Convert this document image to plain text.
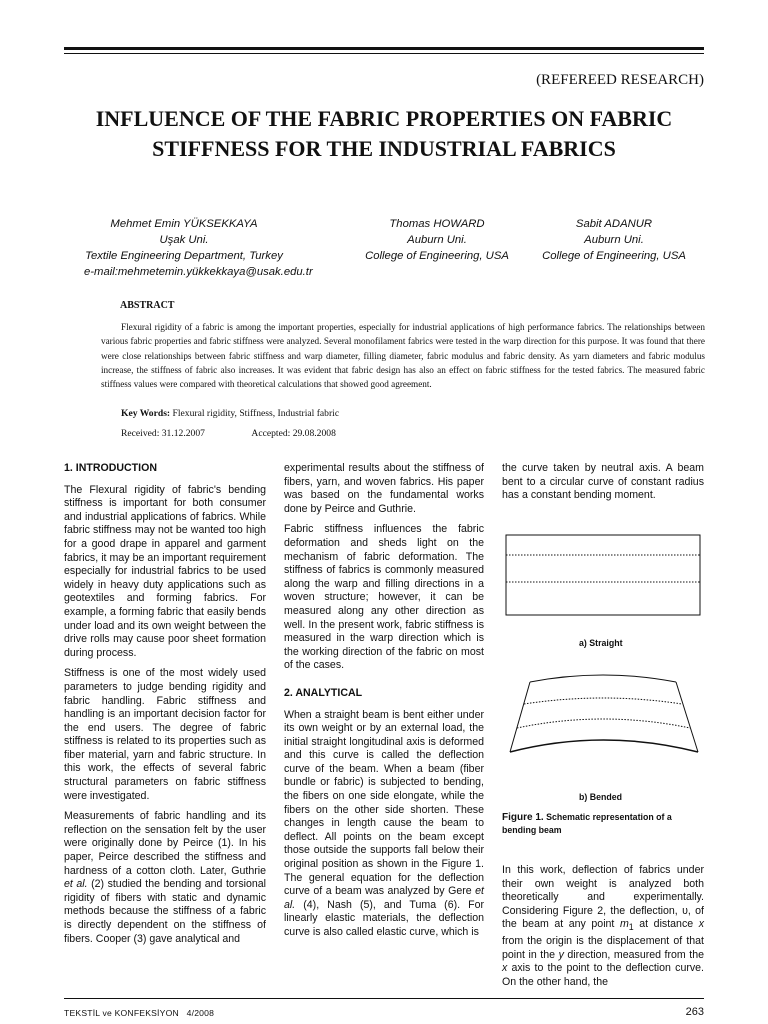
(REFEREED RESEARCH)
INFLUENCE OF THE FABRIC PROPERTIES ON FABRIC STIFFNESS FOR THE INDUSTRIAL FABRICS
Mehmet Emin YÜKSEKKAYA
Uşak Uni.
Textile Engineering Department, Turkey
e-mail:mehmetemin.yükkekkaya@usak.edu.tr
Thomas HOWARD
Auburn Uni.
College of Engineering, USA
Sabit ADANUR
Auburn Uni.
College of Engineering, USA
ABSTRACT
Flexural rigidity of a fabric is among the important properties, especially for industrial applications of high performance fabrics. The relationships between various fabric properties and fabric stiffness were analyzed. Several monofilament fabrics were tested in the warp direction for this purpose. It was found that there were close relationships between fabric stiffness and warp diameter, filling diameter, fabric modulus and fabric density. As yarn diameters and fabric modulus increase, the stiffness of fabric also increases. It was evident that fabric design has also an effect on fabric stiffness for the tested fabrics. The measured fabric stiffness values were compared with theoretical calculations that showed good agreement.
Key Words: Flexural rigidity, Stiffness, Industrial fabric
Received: 31.12.2007	Accepted: 29.08.2008
1. INTRODUCTION

The Flexural rigidity of fabric's bending stiffness is important for both consumer and industrial applications of fabrics. While fabric stiffness may not be wanted too high for a good drape in apparel and garment fabrics, it may be an important requirement especially for industrial fabrics to be used widely in heavy duty applications such as geotextiles and forming fabrics. For example, a forming fabric that easily bends under load and its own weight between the drive rolls may cause poor sheet formation during process.

Stiffness is one of the most widely used parameters to judge bending rigidity and fabric handling. Fabric stiffness and handling is an important decision factor for the end users. The degree of fabric stiffness is related to its properties such as fiber material, yarn and fabric structure. In this work, the effects of several fabric structural parameters on fabric stiffness were investigated.

Measurements of fabric handling and its reflection on the sensation felt by the user were originally done by Peirce (1). In his paper, Peirce described the stiffness and hardness of a cotton cloth. Later, Guthrie et al. (2) studied the bending and torsional rigidity of fibers with static and dynamic methods because the stiffness of a fabric is directly dependent on the stiffness of fibers. Cooper (3) gave analytical and

experimental results about the stiffness of fibers, yarn, and woven fabrics. His paper was based on the fundamental works done by Peirce and Guthrie.

Fabric stiffness influences the fabric deformation and sheds light on the mechanism of fabric deformation. The stiffness of fabrics is commonly measured along the warp and filling directions in a woven structure; however, it can be measured along any other direction as well. In the present work, fabric stiffness is measured in the warp direction which is the working direction of the fabric on most of the cases.

2. ANALYTICAL

When a straight beam is bent either under its own weight or by an external load, the initial straight longitudinal axis is deformed and this curve is called the deflection curve of the beam. When a beam (fiber bundle or fabric) is subjected to bending, the fibers on one side elongate, while the fibers on the other side shorten. These changes in length cause the beam to deflect. All points on the beam except those outside the supports fall below their original position as shown in the Figure 1. The general equation for the deflection curve of a beam was analyzed by Gere et al. (4), Nash (5), and Tuma (6). For linearly elastic materials, the deflection curve is also called elastic curve, which is

the curve taken by neutral axis. A beam bent to a circular curve of constant radius has a constant bending moment.
a) Straight
b) Bended
Figure 1. Schematic representation of a bending beam
In this work, deflection of fabrics under their own weight is analyzed both theoretically and experimentally. Considering Figure 2, the deflection, υ, of the beam at any point $m_1$ at distance x from the origin is the displacement of that point in the y direction, measured from the x axis to the point to the deflection curve. On the other hand, the
TEKSTİL ve KONFEKSİYON   4/2008	263
